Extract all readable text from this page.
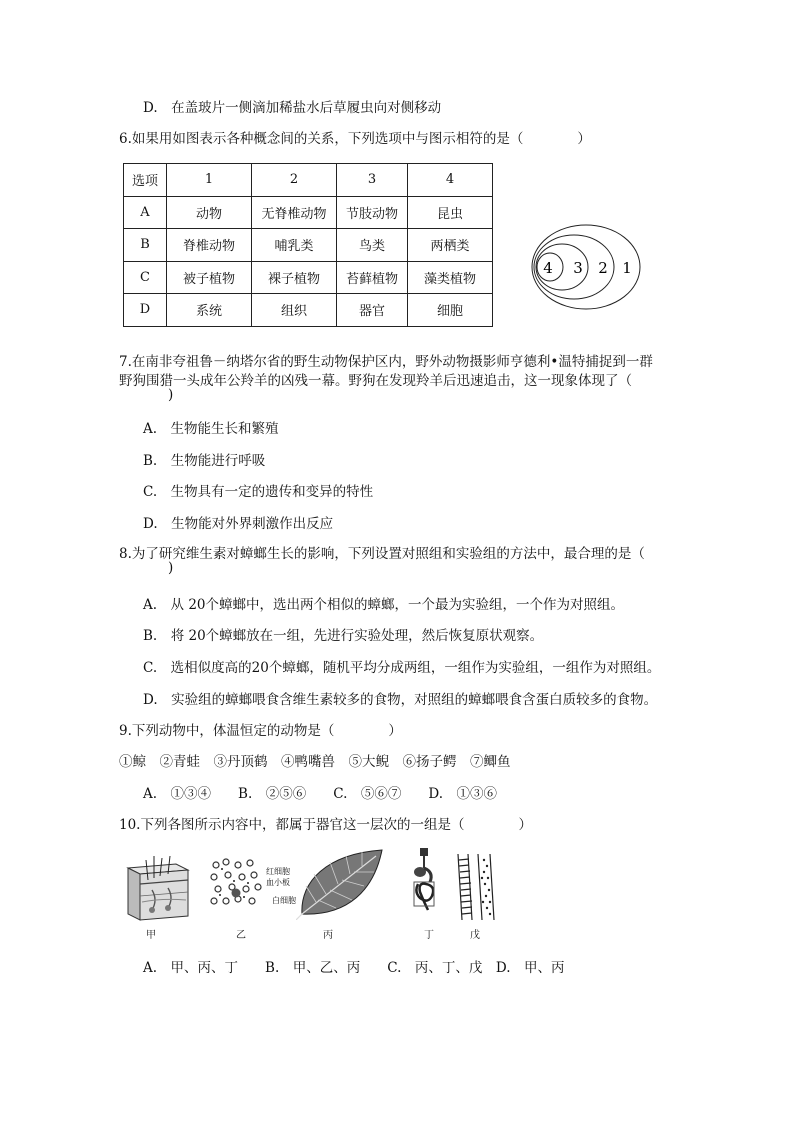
D.　在盖玻片一侧滴加稀盐水后草履虫向对侧移动
6.如果用如图表示各种概念间的关系，下列选项中与图示相符的是（　　　　）
选项	1	2	3	4
A	动物	无脊椎动物	节肢动物	昆虫
B	脊椎动物	哺乳类	鸟类	两栖类
C	被子植物	裸子植物	苔藓植物	藻类植物
D	系统	组织	器官	细胞
4 3 2 1
7.在南非夸祖鲁－纳塔尔省的野生动物保护区内，野外动物摄影师亨德利•温特捕捉到一群
野狗围猎一头成年公羚羊的凶残一幕。野狗在发现羚羊后迅速追击，这一现象体现了（
)
A.　生物能生长和繁殖
B.　生物能进行呼吸
C.　生物具有一定的遗传和变异的特性
D.　生物能对外界刺激作出反应
8.为了研究维生素对蟑螂生长的影响，下列设置对照组和实验组的方法中，最合理的是（
)
A.　从 20个蟑螂中，选出两个相似的蟑螂，一个最为实验组，一个作为对照组。
B.　将 20个蟑螂放在一组，先进行实验处理，然后恢复原状观察。
C.　选相似度高的20个蟑螂，随机平均分成两组，一组作为实验组，一组作为对照组。
D.　实验组的蟑螂喂食含维生素较多的食物，对照组的蟑螂喂食含蛋白质较多的食物。
9.下列动物中，体温恒定的动物是（　　　　）
①鲸　②青蛙　③丹顶鹤　④鸭嘴兽　⑤大鲵　⑥扬子鳄　⑦鲫鱼
A.　①③④　　B.　②⑤⑥　　C.　⑤⑥⑦　　D.　①③⑥
10.下列各图所示内容中，都属于器官这一层次的一组是（　　　　）
甲
红细胞
血小板
白细胞
乙	丙	丁	戊
A.　甲、丙、丁　　B.　甲、乙、丙　　C.　丙、丁、戊　D.　甲、丙
